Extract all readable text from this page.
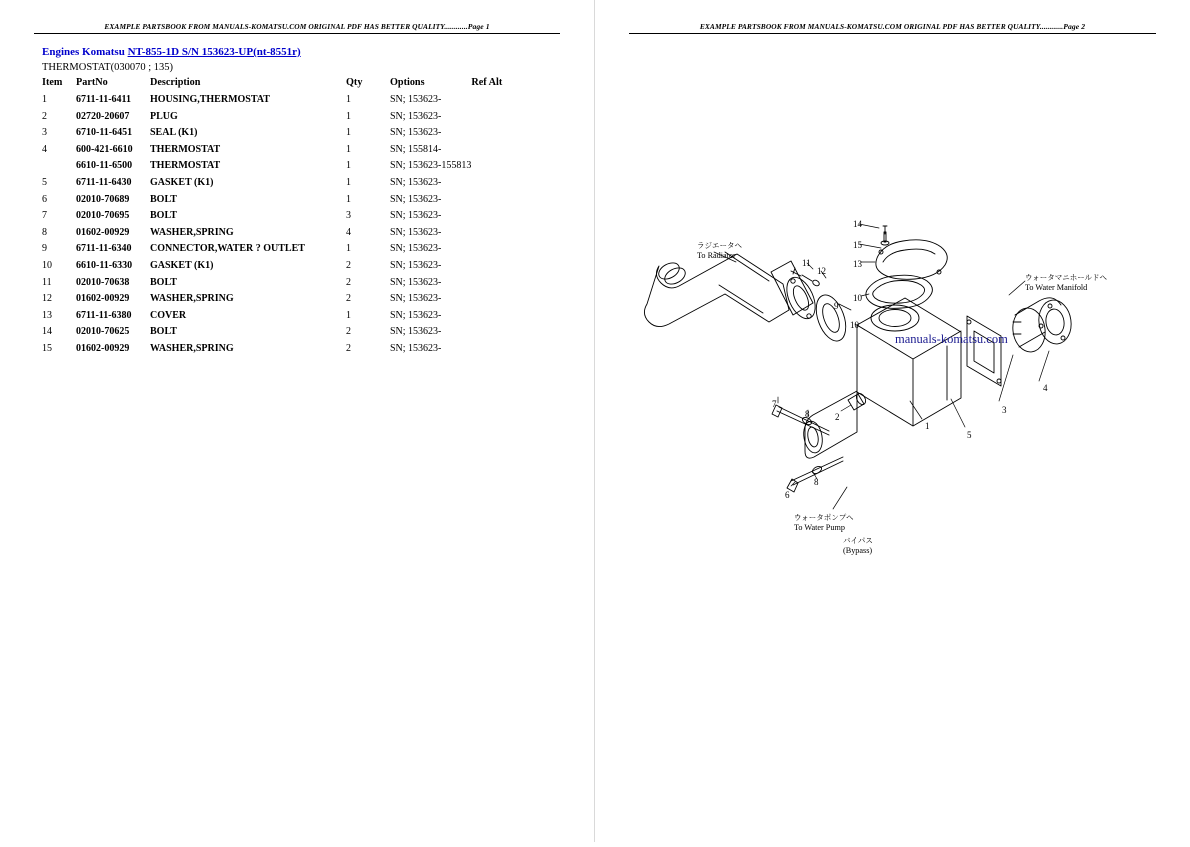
EXAMPLE PARTSBOOK FROM MANUALS-KOMATSU.COM ORIGINAL PDF HAS BETTER QUALITY............Page 1
Engines Komatsu NT-855-1D S/N 153623-UP(nt-8551r)
THERMOSTAT(030070 ; 135)
Item	PartNo	Description	Qty	Options	Ref Alt
1	6711-11-6411	HOUSING,THERMOSTAT	1	SN; 153623-	
2	02720-20607	PLUG	1	SN; 153623-	
3	6710-11-6451	SEAL (K1)	1	SN; 153623-	
4	600-421-6610	THERMOSTAT	1	SN; 155814-	
	6610-11-6500	THERMOSTAT	1	SN; 153623-155813	
5	6711-11-6430	GASKET (K1)	1	SN; 153623-	
6	02010-70689	BOLT	1	SN; 153623-	
7	02010-70695	BOLT	3	SN; 153623-	
8	01602-00929	WASHER,SPRING	4	SN; 153623-	
9	6711-11-6340	CONNECTOR,WATER ? OUTLET	1	SN; 153623-	
10	6610-11-6330	GASKET (K1)	2	SN; 153623-	
11	02010-70638	BOLT	2	SN; 153623-	
12	01602-00929	WASHER,SPRING	2	SN; 153623-	
13	6711-11-6380	COVER	1	SN; 153623-	
14	02010-70625	BOLT	2	SN; 153623-	
15	01602-00929	WASHER,SPRING	2	SN; 153623-	
EXAMPLE PARTSBOOK FROM MANUALS-KOMATSU.COM ORIGINAL PDF HAS BETTER QUALITY............Page 2
manuals-komatsu.com
14
15
13
11
12
10
9
10
4
3
5
1
2
7
8
8
6
ラジエータへ
To Radiator
ウォータマニホールドへ
To Water Manifold
ウォータポンプへ
To Water Pump
バイパス
(Bypass)
